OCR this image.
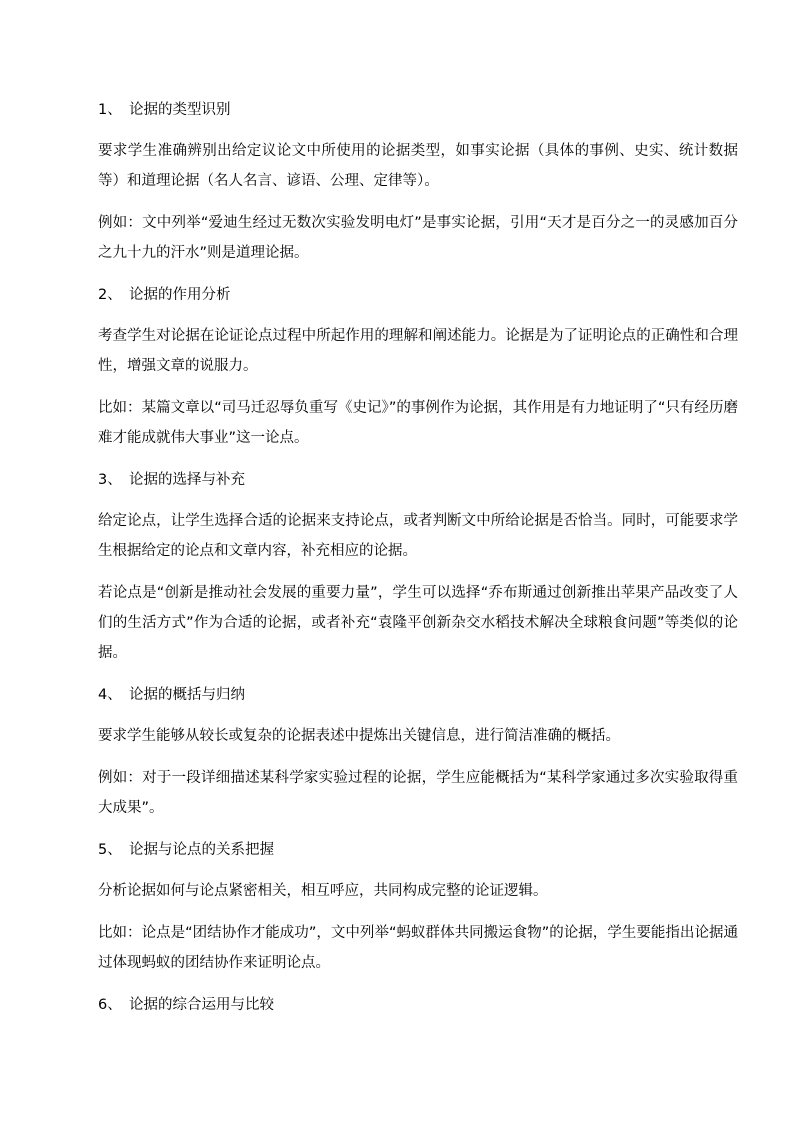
1、 论据的类型识别

要求学生准确辨别出给定议论文中所使用的论据类型，如事实论据（具体的事例、史实、统计数据等）和道理论据（名人名言、谚语、公理、定律等）。

例如：文中列举“爱迪生经过无数次实验发明电灯”是事实论据，引用“天才是百分之一的灵感加百分之九十九的汗水”则是道理论据。

2、 论据的作用分析

考查学生对论据在论证论点过程中所起作用的理解和阐述能力。论据是为了证明论点的正确性和合理性，增强文章的说服力。

比如：某篇文章以“司马迁忍辱负重写《史记》”的事例作为论据，其作用是有力地证明了“只有经历磨难才能成就伟大事业”这一论点。

3、 论据的选择与补充

给定论点，让学生选择合适的论据来支持论点，或者判断文中所给论据是否恰当。同时，可能要求学生根据给定的论点和文章内容，补充相应的论据。

若论点是“创新是推动社会发展的重要力量”，学生可以选择“乔布斯通过创新推出苹果产品改变了人们的生活方式”作为合适的论据，或者补充“袁隆平创新杂交水稻技术解决全球粮食问题”等类似的论据。

4、 论据的概括与归纳

要求学生能够从较长或复杂的论据表述中提炼出关键信息，进行简洁准确的概括。

例如：对于一段详细描述某科学家实验过程的论据，学生应能概括为“某科学家通过多次实验取得重大成果”。

5、 论据与论点的关系把握

分析论据如何与论点紧密相关，相互呼应，共同构成完整的论证逻辑。

比如：论点是“团结协作才能成功”，文中列举“蚂蚁群体共同搬运食物”的论据，学生要能指出论据通过体现蚂蚁的团结协作来证明论点。

6、 论据的综合运用与比较
